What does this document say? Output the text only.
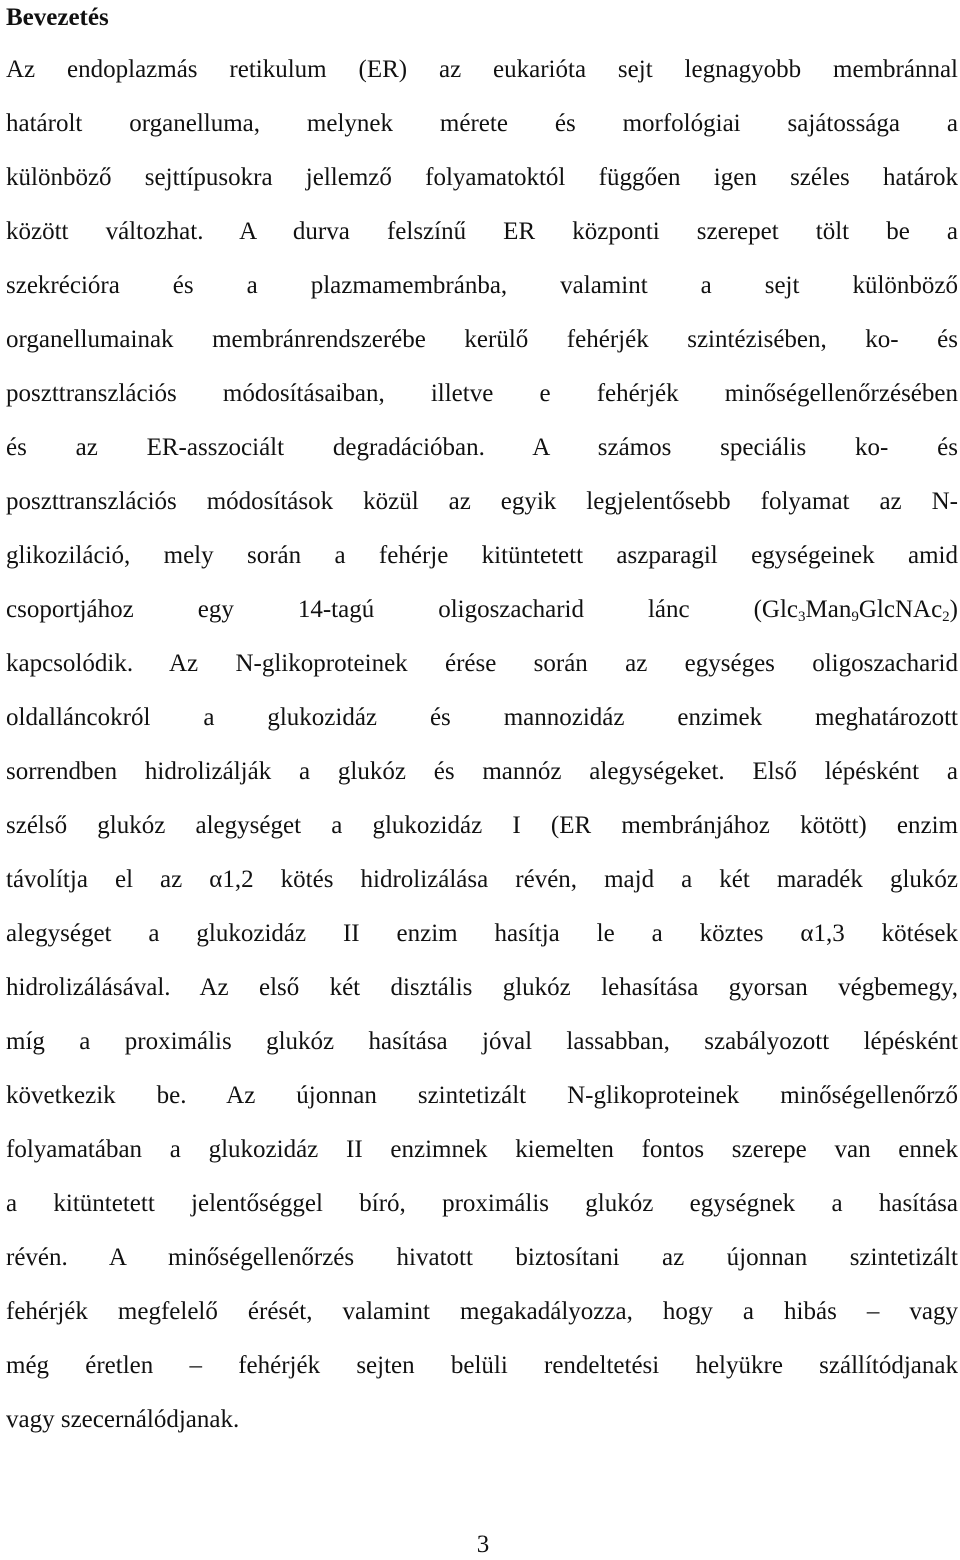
Bevezetés
Az endoplazmás retikulum (ER) az eukarióta sejt legnagyobb membránnal
határolt organelluma, melynek mérete és morfológiai sajátossága a
különböző sejttípusokra jellemző folyamatoktól függően igen széles határok
között változhat. A durva felszínű ER központi szerepet tölt be a
szekrécióra és a plazmamembránba, valamint a sejt különböző
organellumainak membránrendszerébe kerülő fehérjék szintézisében, ko- és
poszttranszlációs módosításaiban, illetve e fehérjék minőségellenőrzésében
és az ER-asszociált degradációban. A számos speciális ko- és
poszttranszlációs módosítások közül az egyik legjelentősebb folyamat az N-
glikoziláció, mely során a fehérje kitüntetett aszparagil egységeinek amid
csoportjához egy 14-tagú oligoszacharid lánc (Glc$_3$Man$_9$GlcNAc$_2$)
kapcsolódik. Az N-glikoproteinek érése során az egységes oligoszacharid
oldalláncokról a glukozidáz és mannozidáz enzimek meghatározott
sorrendben hidrolizálják a glukóz és mannóz alegységeket. Első lépésként a
szélső glukóz alegységet a glukozidáz I (ER membránjához kötött) enzim
távolítja el az α1,2 kötés hidrolizálása révén, majd a két maradék glukóz
alegységet a glukozidáz II enzim hasítja le a köztes α1,3 kötések
hidrolizálásával. Az első két disztális glukóz lehasítása gyorsan végbemegy,
míg a proximális glukóz hasítása jóval lassabban, szabályozott lépésként
következik be. Az újonnan szintetizált N-glikoproteinek minőségellenőrző
folyamatában a glukozidáz II enzimnek kiemelten fontos szerepe van ennek
a kitüntetett jelentőséggel bíró, proximális glukóz egységnek a hasítása
révén. A minőségellenőrzés hivatott biztosítani az újonnan szintetizált
fehérjék megfelelő érését, valamint megakadályozza, hogy a hibás – vagy
még éretlen – fehérjék sejten belüli rendeltetési helyükre szállítódjanak
vagy szecernálódjanak.
3
